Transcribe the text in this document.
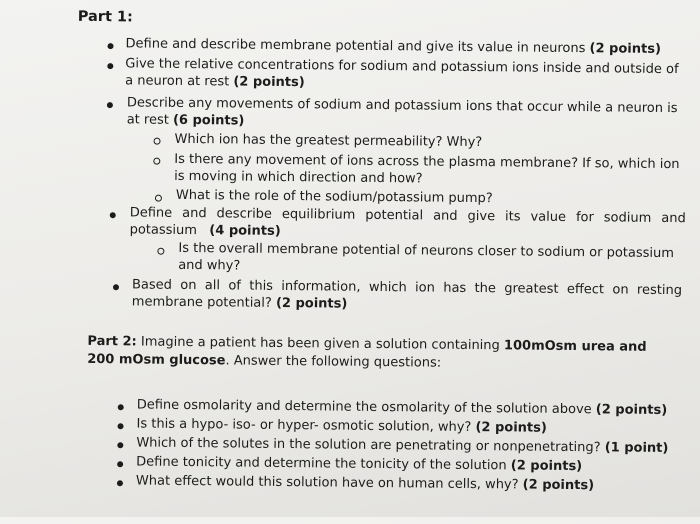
Part 1:
Define and describe membrane potential and give its value in neurons (2 points)
Give the relative concentrations for sodium and potassium ions inside and outside of a neuron at rest (2 points)
Describe any movements of sodium and potassium ions that occur while a neuron is at rest (6 points)
Which ion has the greatest permeability? Why?
Is there any movement of ions across the plasma membrane? If so, which ion is moving in which direction and how?
What is the role of the sodium/potassium pump?
Define and describe equilibrium potential and give its value for sodium and potassium (4 points)
Is the overall membrane potential of neurons closer to sodium or potassium and why?
Based on all of this information, which ion has the greatest effect on resting membrane potential? (2 points)
Part 2: Imagine a patient has been given a solution containing 100mOsm urea and 200 mOsm glucose. Answer the following questions:
Define osmolarity and determine the osmolarity of the solution above (2 points)
Is this a hypo- iso- or hyper- osmotic solution, why? (2 points)
Which of the solutes in the solution are penetrating or nonpenetrating? (1 point)
Define tonicity and determine the tonicity of the solution (2 points)
What effect would this solution have on human cells, why? (2 points)
